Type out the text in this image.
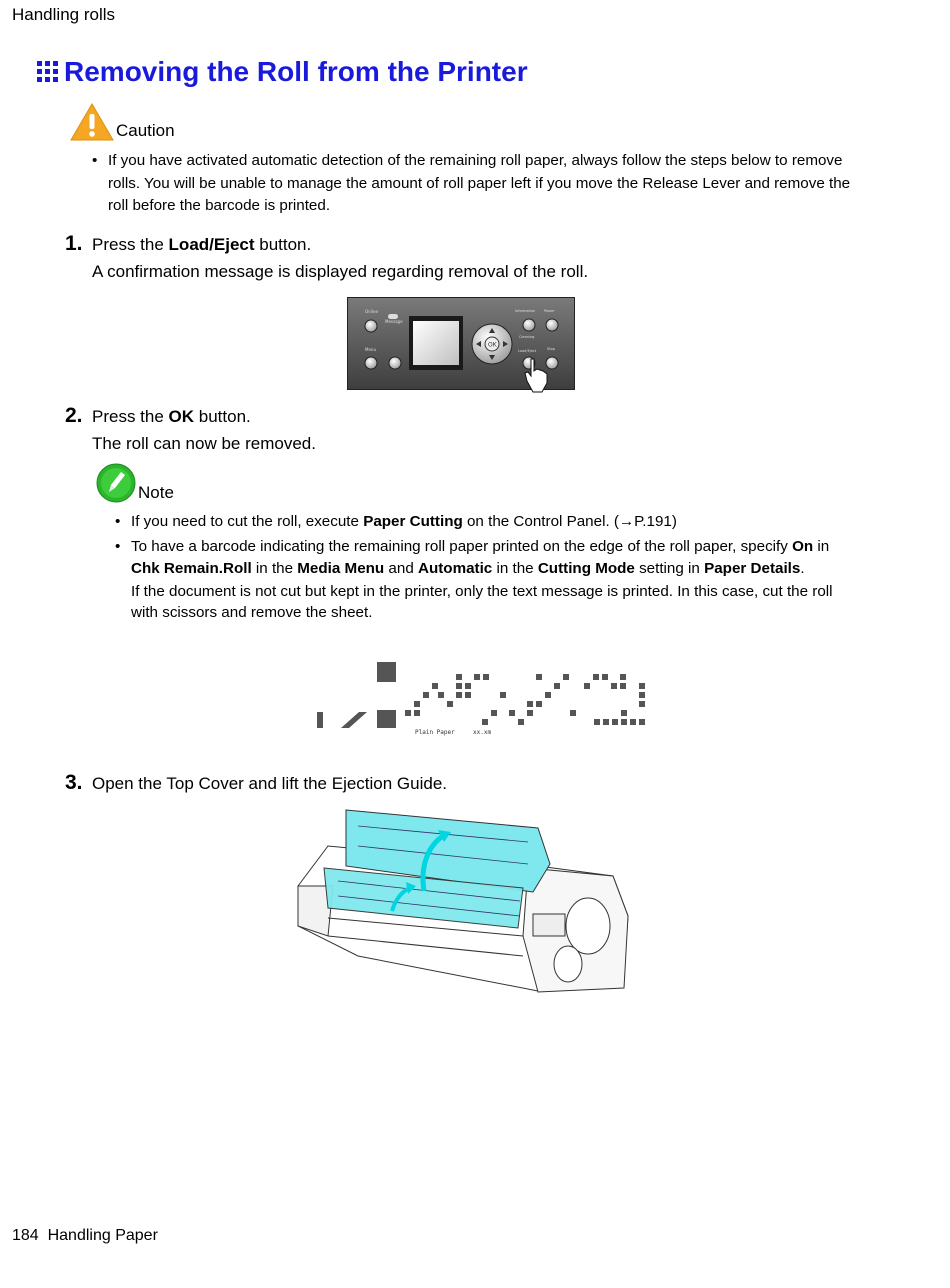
Handling rolls
Removing the Roll from the Printer
Caution
• If you have activated automatic detection of the remaining roll paper, always follow the steps below to remove rolls. You will be unable to manage the amount of roll paper left if you move the Release Lever and remove the roll before the barcode is printed.
1. Press the Load/Eject button.
A confirmation message is displayed regarding removal of the roll.
Online
Message
Menu
OK
Information Power
Cleaning
Load/Eject	Stop
2. Press the OK button.
The roll can now be removed.
Note
• If you need to cut the roll, execute Paper Cutting on the Control Panel. (→P.191)
• To have a barcode indicating the remaining roll paper printed on the edge of the roll paper, specify On in Chk Remain.Roll in the Media Menu and Automatic in the Cutting Mode setting in Paper Details.
If the document is not cut but kept in the printer, only the text message is printed. In this case, cut the roll with scissors and remove the sheet.
Plain Paper	xx.xm
3. Open the Top Cover and lift the Ejection Guide.
184 Handling Paper
